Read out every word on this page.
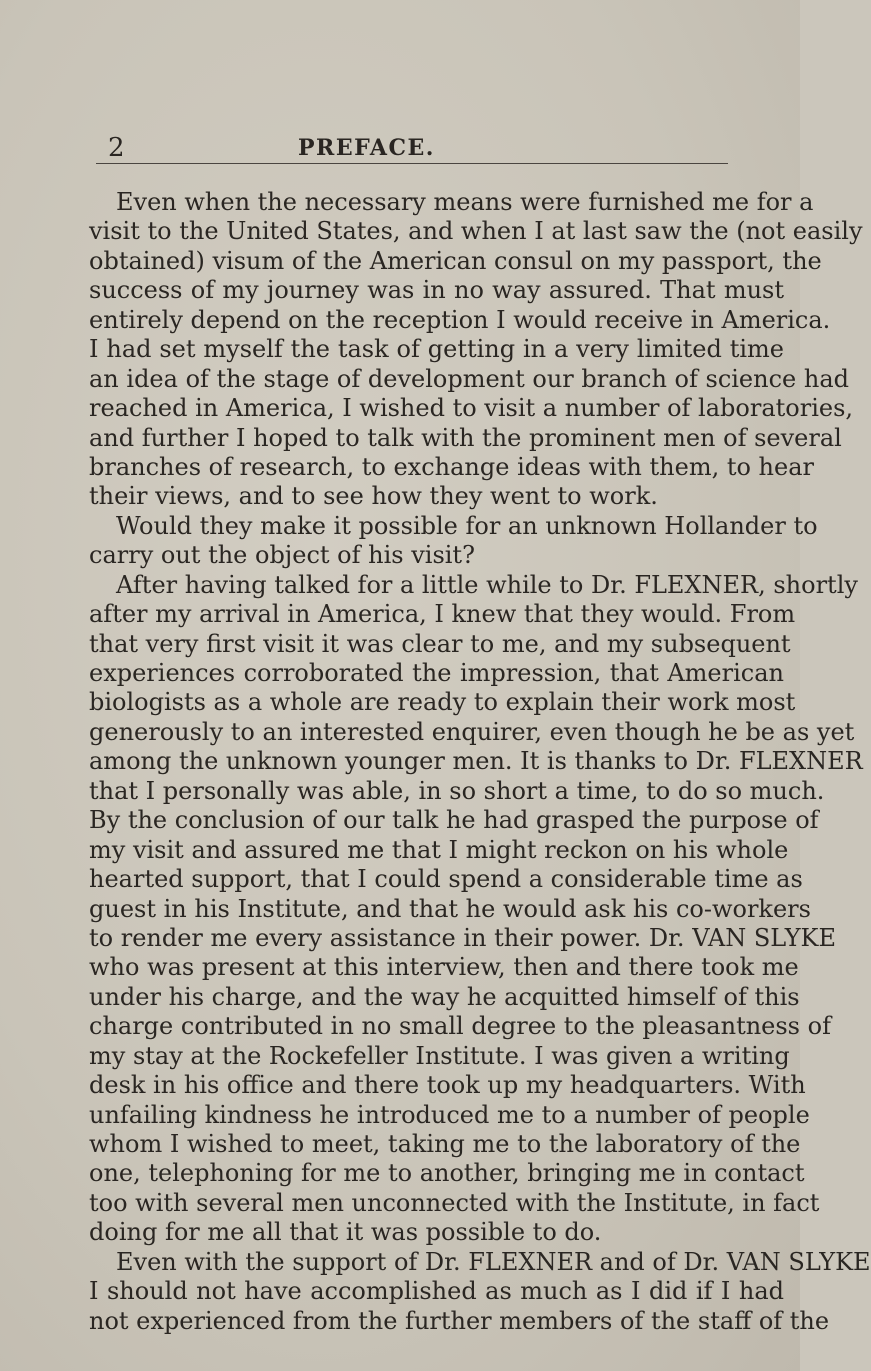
2	PREFACE.
Even when the necessary means were furnished me for a
visit to the United States, and when I at last saw the (not easily
obtained) visum of the American consul on my passport, the
success of my journey was in no way assured. That must
entirely depend on the reception I would receive in America.
I had set myself the task of getting in a very limited time
an idea of the stage of development our branch of science had
reached in America, I wished to visit a number of laboratories,
and further I hoped to talk with the prominent men of several
branches of research, to exchange ideas with them, to hear
their views, and to see how they went to work.
Would they make it possible for an unknown Hollander to
carry out the object of his visit?
After having talked for a little while to Dr. FLEXNER, shortly
after my arrival in America, I knew that they would. From
that very first visit it was clear to me, and my subsequent
experiences corroborated the impression, that American
biologists as a whole are ready to explain their work most
generously to an interested enquirer, even though he be as yet
among the unknown younger men. It is thanks to Dr. FLEXNER
that I personally was able, in so short a time, to do so much.
By the conclusion of our talk he had grasped the purpose of
my visit and assured me that I might reckon on his whole
hearted support, that I could spend a considerable time as
guest in his Institute, and that he would ask his co-workers
to render me every assistance in their power. Dr. VAN SLYKE
who was present at this interview, then and there took me
under his charge, and the way he acquitted himself of this
charge contributed in no small degree to the pleasantness of
my stay at the Rockefeller Institute. I was given a writing
desk in his office and there took up my headquarters. With
unfailing kindness he introduced me to a number of people
whom I wished to meet, taking me to the laboratory of the
one, telephoning for me to another, bringing me in contact
too with several men unconnected with the Institute, in fact
doing for me all that it was possible to do.
Even with the support of Dr. FLEXNER and of Dr. VAN SLYKE
I should not have accomplished as much as I did if I had
not experienced from the further members of the staff of the
